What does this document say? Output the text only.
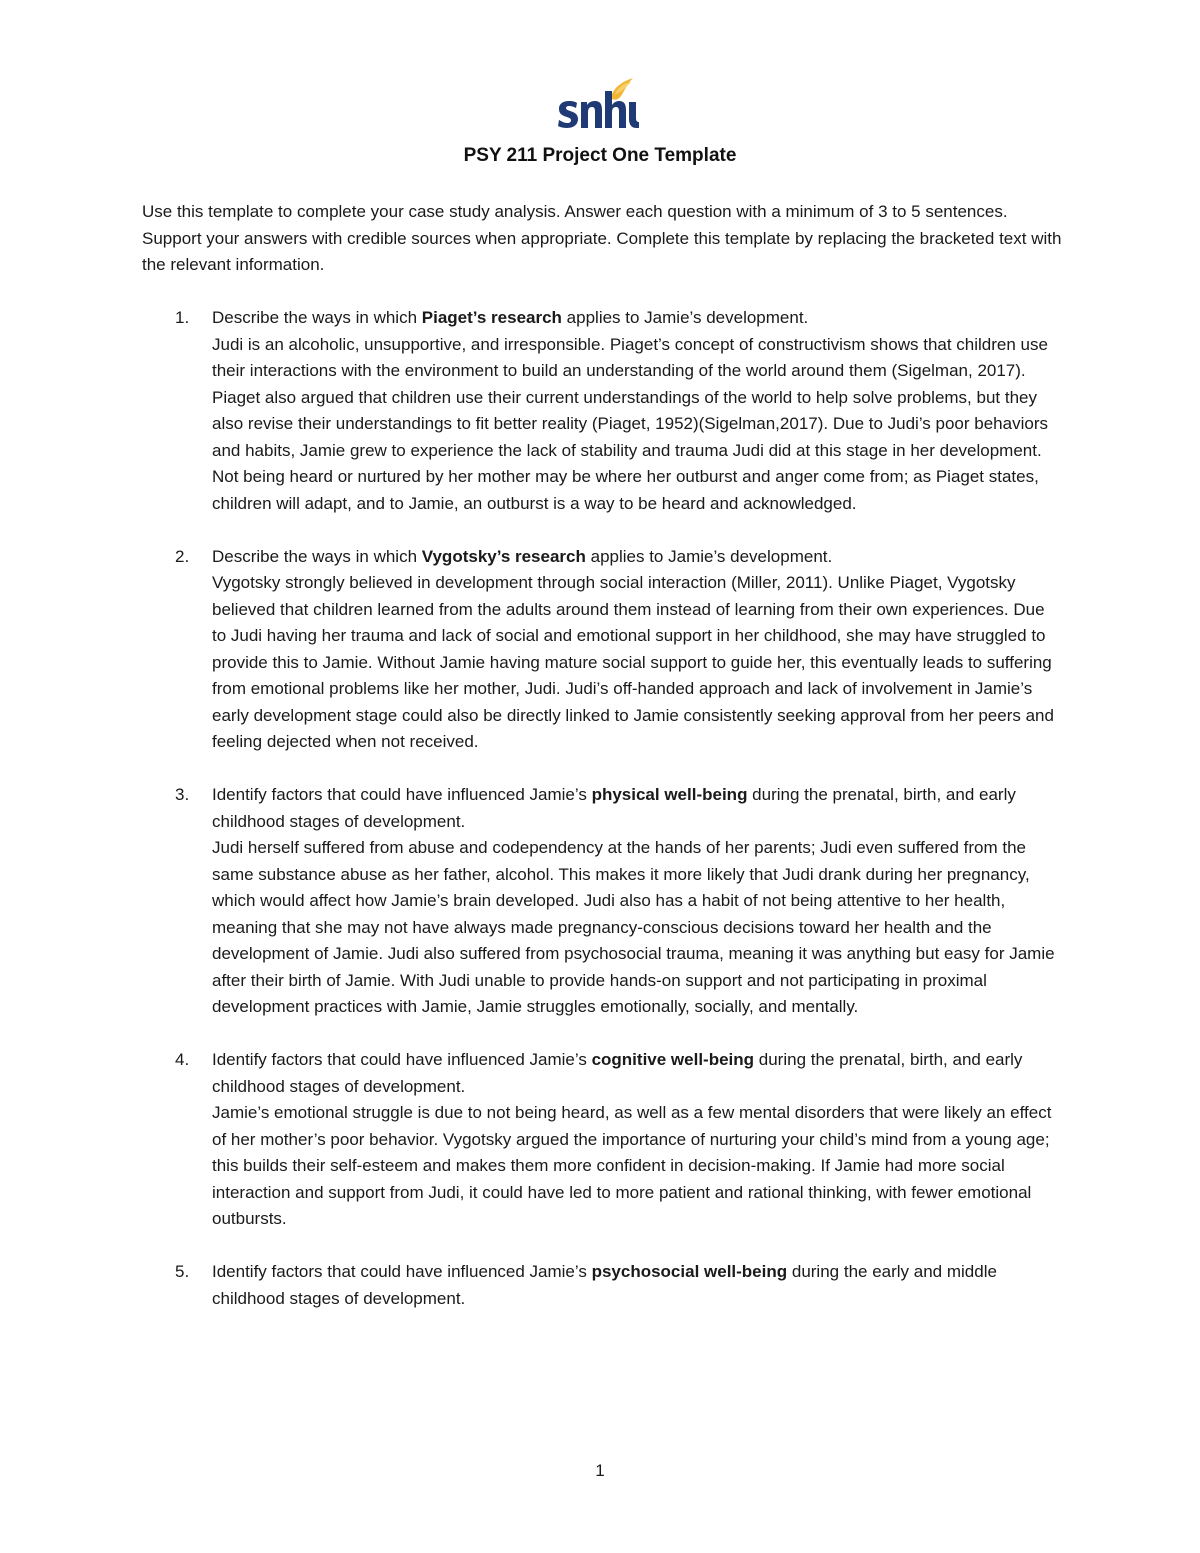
PSY 211 Project One Template
Use this template to complete your case study analysis. Answer each question with a minimum of 3 to 5 sentences. Support your answers with credible sources when appropriate. Complete this template by replacing the bracketed text with the relevant information.
1. Describe the ways in which Piaget’s research applies to Jamie’s development.
Judi is an alcoholic, unsupportive, and irresponsible. Piaget’s concept of constructivism shows that children use their interactions with the environment to build an understanding of the world around them (Sigelman, 2017). Piaget also argued that children use their current understandings of the world to help solve problems, but they also revise their understandings to fit better reality (Piaget, 1952)(Sigelman,2017). Due to Judi’s poor behaviors and habits, Jamie grew to experience the lack of stability and trauma Judi did at this stage in her development. Not being heard or nurtured by her mother may be where her outburst and anger come from; as Piaget states, children will adapt, and to Jamie, an outburst is a way to be heard and acknowledged.
2. Describe the ways in which Vygotsky’s research applies to Jamie’s development.
Vygotsky strongly believed in development through social interaction (Miller, 2011). Unlike Piaget, Vygotsky believed that children learned from the adults around them instead of learning from their own experiences. Due to Judi having her trauma and lack of social and emotional support in her childhood, she may have struggled to provide this to Jamie. Without Jamie having mature social support to guide her, this eventually leads to suffering from emotional problems like her mother, Judi. Judi’s off-handed approach and lack of involvement in Jamie’s early development stage could also be directly linked to Jamie consistently seeking approval from her peers and feeling dejected when not received.
3. Identify factors that could have influenced Jamie’s physical well-being during the prenatal, birth, and early childhood stages of development.
Judi herself suffered from abuse and codependency at the hands of her parents; Judi even suffered from the same substance abuse as her father, alcohol. This makes it more likely that Judi drank during her pregnancy, which would affect how Jamie’s brain developed. Judi also has a habit of not being attentive to her health, meaning that she may not have always made pregnancy-conscious decisions toward her health and the development of Jamie. Judi also suffered from psychosocial trauma, meaning it was anything but easy for Jamie after their birth of Jamie. With Judi unable to provide hands-on support and not participating in proximal development practices with Jamie, Jamie struggles emotionally, socially, and mentally.
4. Identify factors that could have influenced Jamie’s cognitive well-being during the prenatal, birth, and early childhood stages of development.
Jamie’s emotional struggle is due to not being heard, as well as a few mental disorders that were likely an effect of her mother’s poor behavior. Vygotsky argued the importance of nurturing your child’s mind from a young age; this builds their self-esteem and makes them more confident in decision-making. If Jamie had more social interaction and support from Judi, it could have led to more patient and rational thinking, with fewer emotional outbursts.
5. Identify factors that could have influenced Jamie’s psychosocial well-being during the early and middle childhood stages of development.
1
